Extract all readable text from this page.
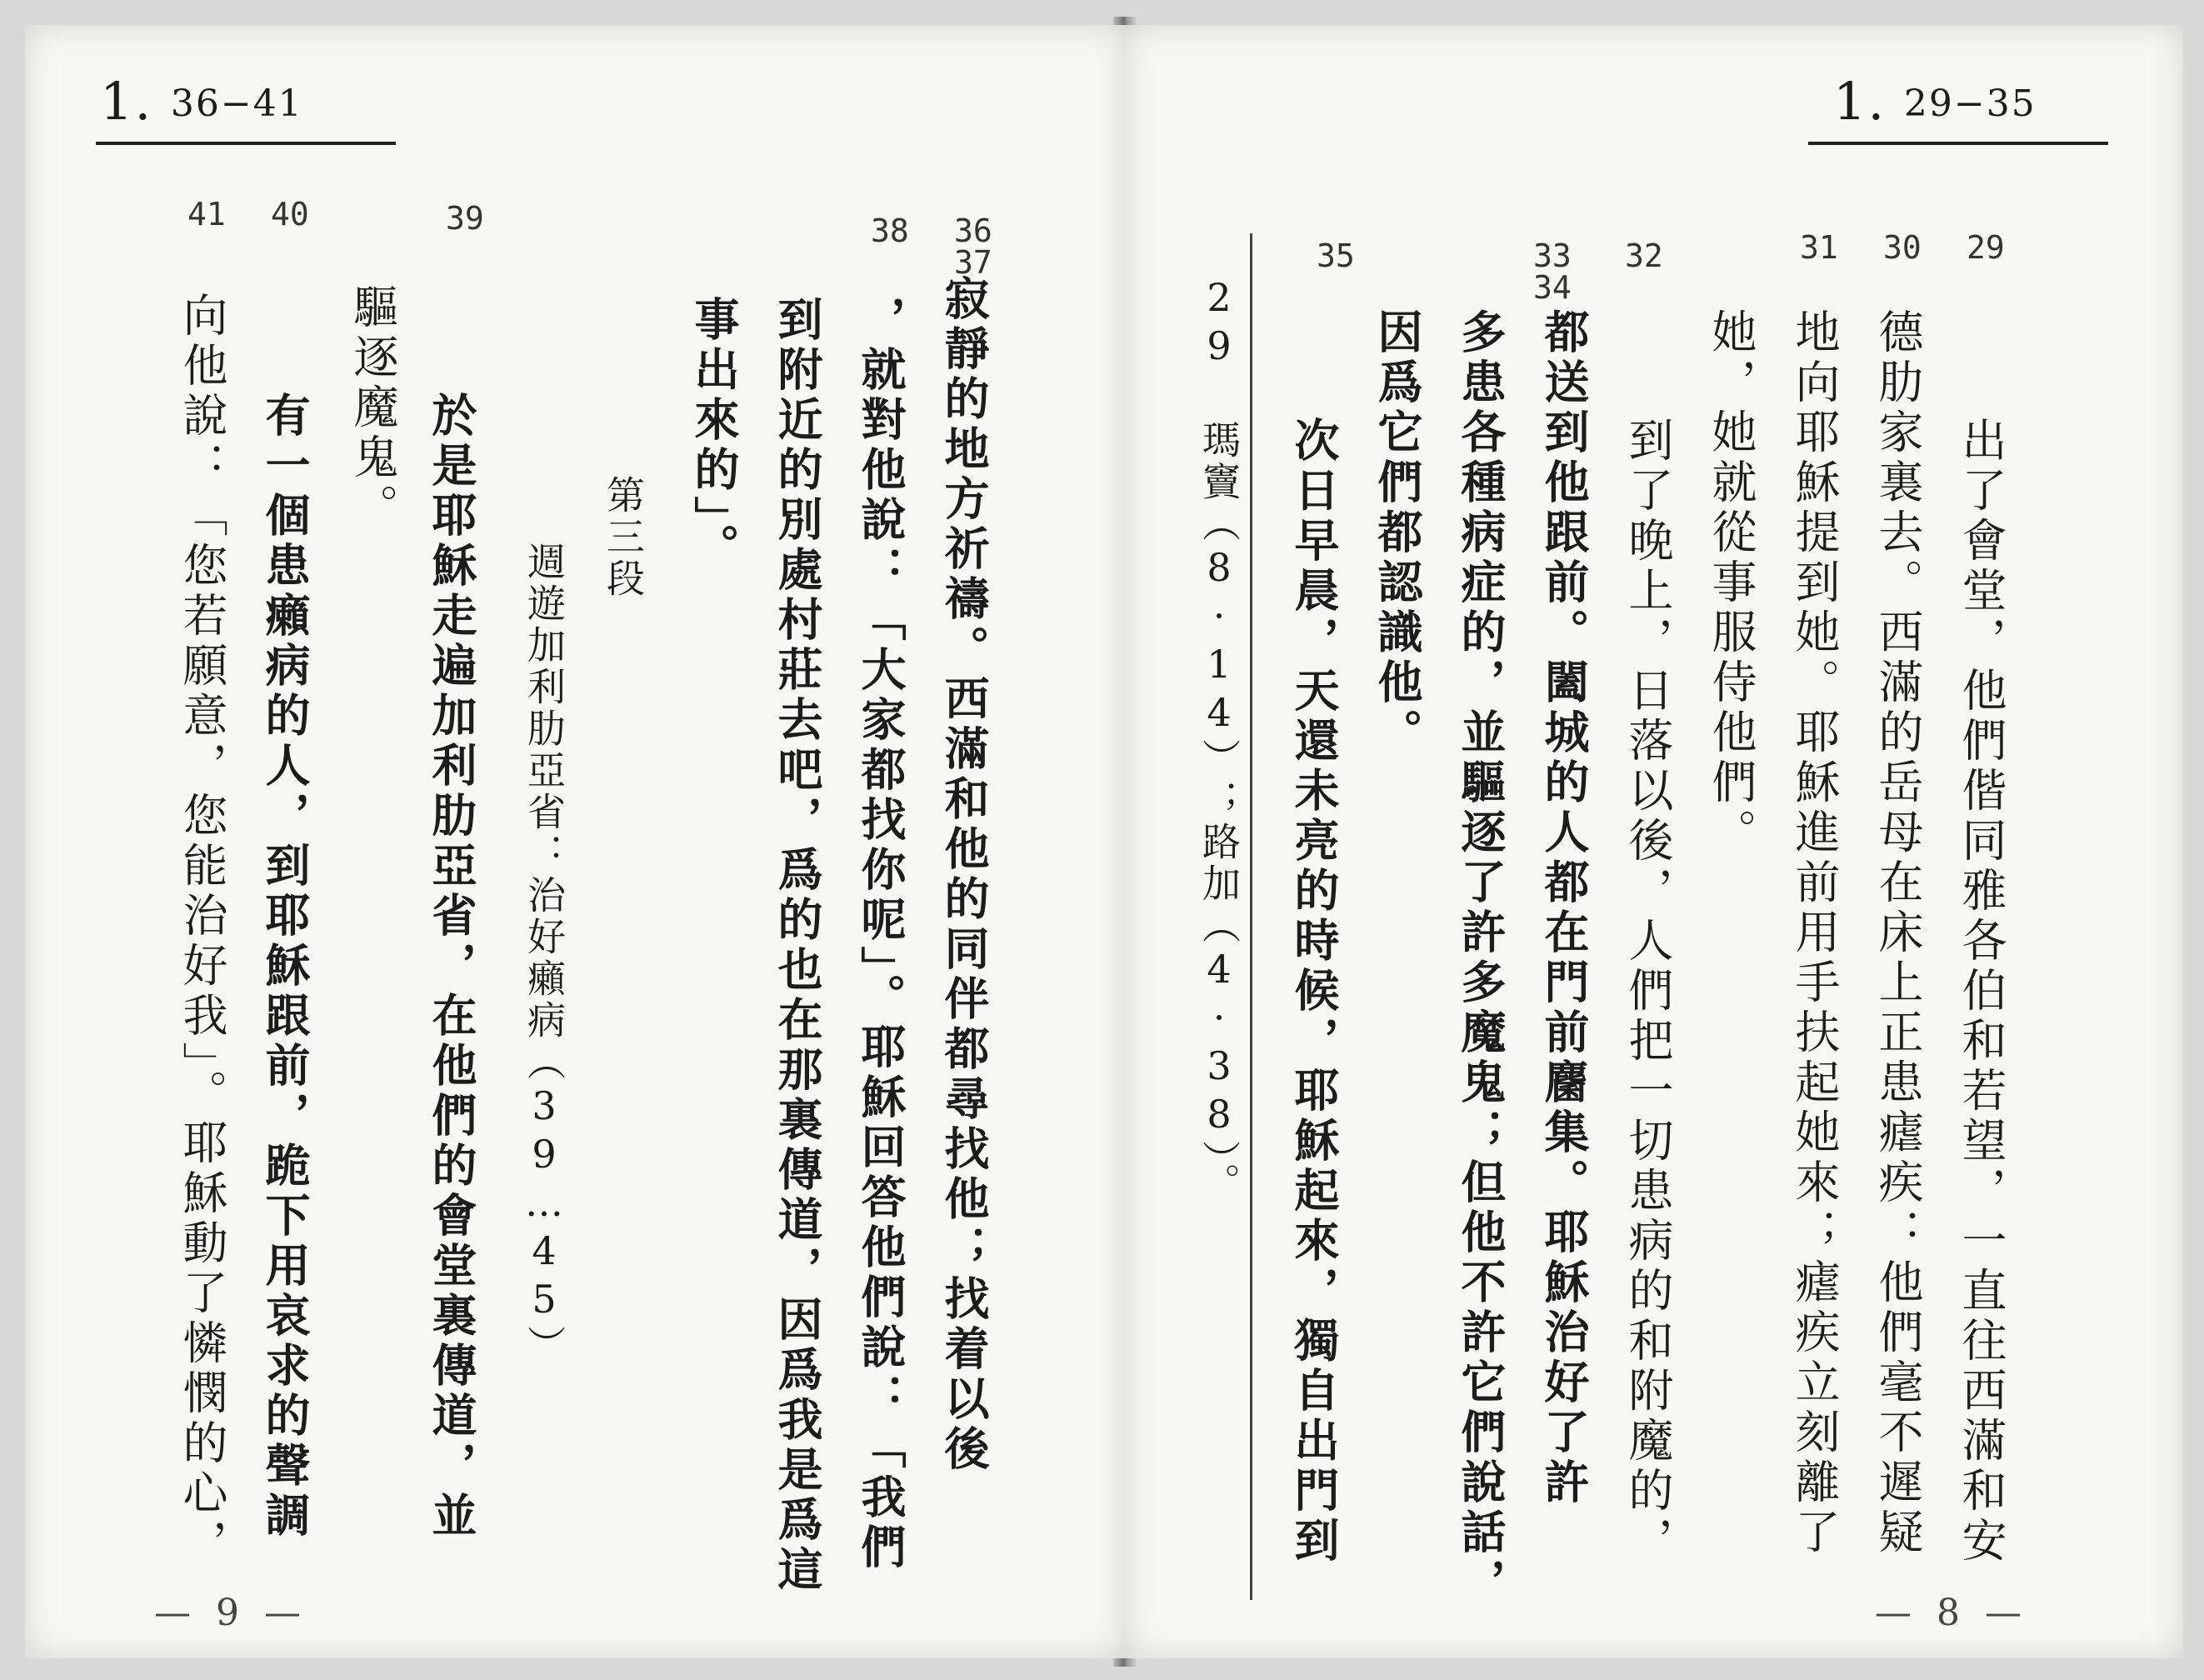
1. 36−41
41 40	39	38 36
37
事出來的」。 到附近的別處村莊去吧，爲的也在那裏傳道，因爲我是爲這 ，就對他說：「大家都找你呢」。耶穌回答他們說：「我們 寂靜的地方祈禱。西滿和他的同伴都尋找他；找着以後
第三段
週遊加利肋亞省：治好癩病（39…45）
於是耶穌走遍加利肋亞省，在他們的會堂裏傳道，並
驅逐魔鬼。
有一個患癩病的人，到耶穌跟前，跪下用哀求的聲調
向他說：「您若願意，您能治好我」。耶穌動了憐憫的心，
— 9 —
1. 29−35
29 瑪竇（8·14）；路加（4·38）。
35	33
34
32	31 30 29
次日早晨，天還未亮的時候，耶穌起來，獨自出門到 因爲它們都認識他。 多患各種病症的，並驅逐了許多魔鬼；但他不許它們說話， 都送到他跟前。闔城的人都在門前麕集。耶穌治好了許 到了晚上，日落以後，人們把一切患病的和附魔的， 她，她就從事服侍他們。 地向耶穌提到她。耶穌進前用手扶起她來；瘧疾立刻離了 德肋家裏去。西滿的岳母在床上正患瘧疾：他們毫不遲疑 出了會堂，他們偕同雅各伯和若望，一直往西滿和安
— 8 —
